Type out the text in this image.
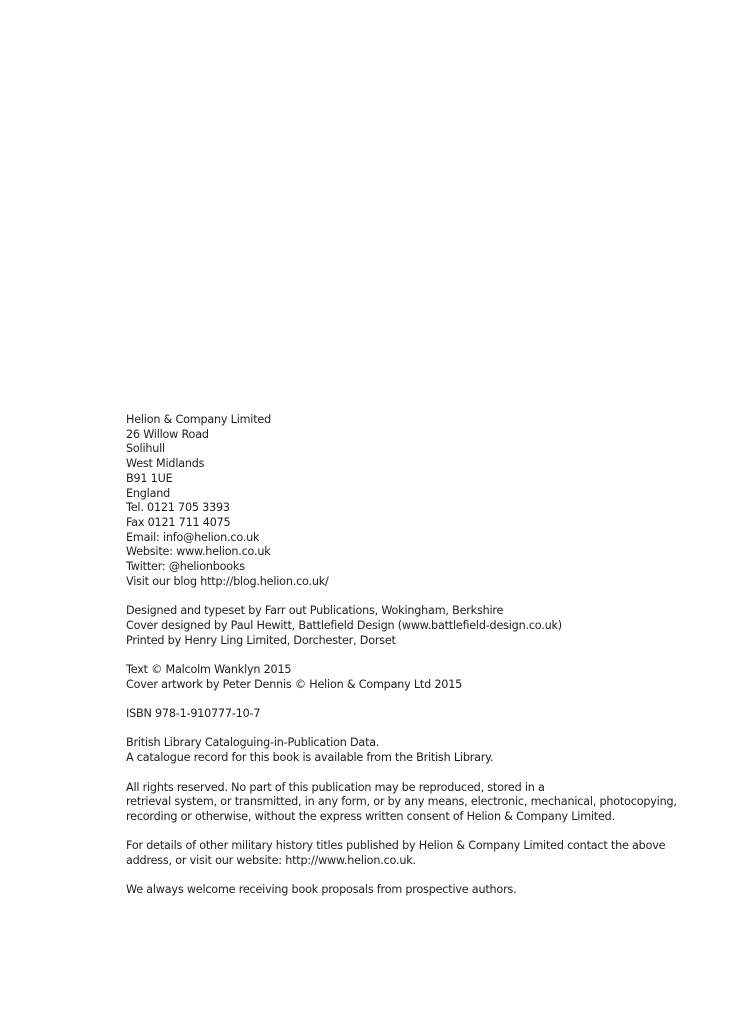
Helion & Company Limited
26 Willow Road
Solihull
West Midlands
B91 1UE
England
Tel. 0121 705 3393
Fax 0121 711 4075
Email: info@helion.co.uk
Website: www.helion.co.uk
Twitter: @helionbooks
Visit our blog http://blog.helion.co.uk/
Designed and typeset by Farr out Publications, Wokingham, Berkshire
Cover designed by Paul Hewitt, Battlefield Design (www.battlefield-design.co.uk)
Printed by Henry Ling Limited, Dorchester, Dorset
Text © Malcolm Wanklyn 2015
Cover artwork by Peter Dennis © Helion & Company Ltd 2015
ISBN 978-1-910777-10-7
British Library Cataloguing-in-Publication Data.
A catalogue record for this book is available from the British Library.
All rights reserved. No part of this publication may be reproduced, stored in a
retrieval system, or transmitted, in any form, or by any means, electronic, mechanical, photocopying,
recording or otherwise, without the express written consent of Helion & Company Limited.
For details of other military history titles published by Helion & Company Limited contact the above
address, or visit our website: http://www.helion.co.uk.
We always welcome receiving book proposals from prospective authors.
